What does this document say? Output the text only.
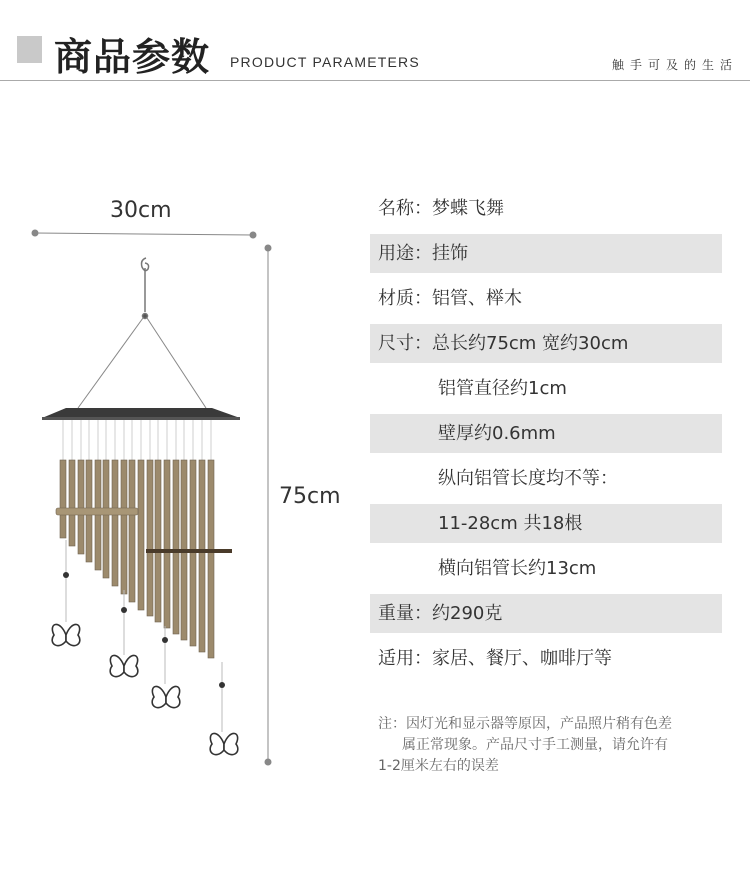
商品参数 PRODUCT PARAMETERS	触手可及的生活
30cm
75cm
名称：梦蝶飞舞
用途：挂饰
材质：铝管、榉木
尺寸：总长约75cm 宽约30cm
铝管直径约1cm
壁厚约0.6mm
纵向铝管长度均不等：
11-28cm 共18根
横向铝管长约13cm
重量：约290克
适用：家居、餐厅、咖啡厅等
注：因灯光和显示器等原因，产品照片稍有色差
属正常现象。产品尺寸手工测量，请允许有
1-2厘米左右的误差
